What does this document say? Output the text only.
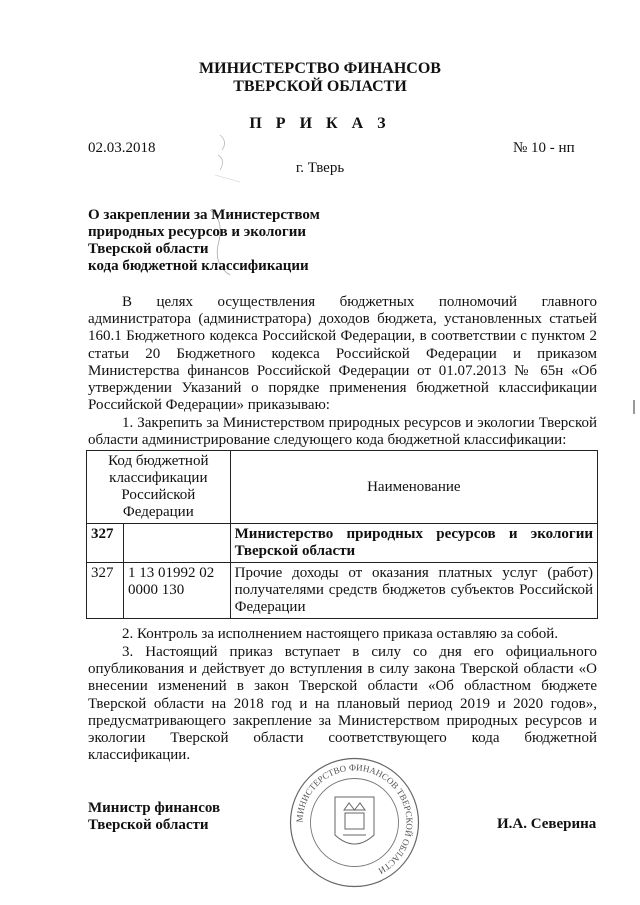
МИНИСТЕРСТВО ФИНАНСОВ
ТВЕРСКОЙ ОБЛАСТИ
П Р И К А З
02.03.2018	№ 10 - нп
г. Тверь
О закреплении за Министерством
природных ресурсов и экологии
Тверской области
кода бюджетной классификации
В целях осуществления бюджетных полномочий главного администратора (администратора) доходов бюджета, установленных статьей 160.1 Бюджетного кодекса Российской Федерации, в соответствии с пунктом 2 статьи 20 Бюджетного кодекса Российской Федерации и приказом Министерства финансов Российской Федерации от 01.07.2013 № 65н «Об утверждении Указаний о порядке применения бюджетной классификации Российской Федерации» приказываю:
1. Закрепить за Министерством природных ресурсов и экологии Тверской области администрирование следующего кода бюджетной классификации:
Код бюджетной классификации Российской Федерации		Наименование
327		Министерство природных ресурсов и экологии Тверской области
327	1 13 01992 02 0000 130	Прочие доходы от оказания платных услуг (работ) получателями средств бюджетов субъектов Российской Федерации
2. Контроль за исполнением настоящего приказа оставляю за собой.
3. Настоящий приказ вступает в силу со дня его официального опубликования и действует до вступления в силу закона Тверской области «О внесении изменений в закон Тверской области «Об областном бюджете Тверской области на 2018 год и на плановый период 2019 и 2020 годов», предусматривающего закрепление за Министерством природных ресурсов и экологии Тверской области соответствующего кода бюджетной классификации.
МИНИСТЕРСТВО ФИНАНСОВ ТВЕРСКОЙ ОБЛАСТИ
Министр финансов
Тверской области	И.А. Северина
